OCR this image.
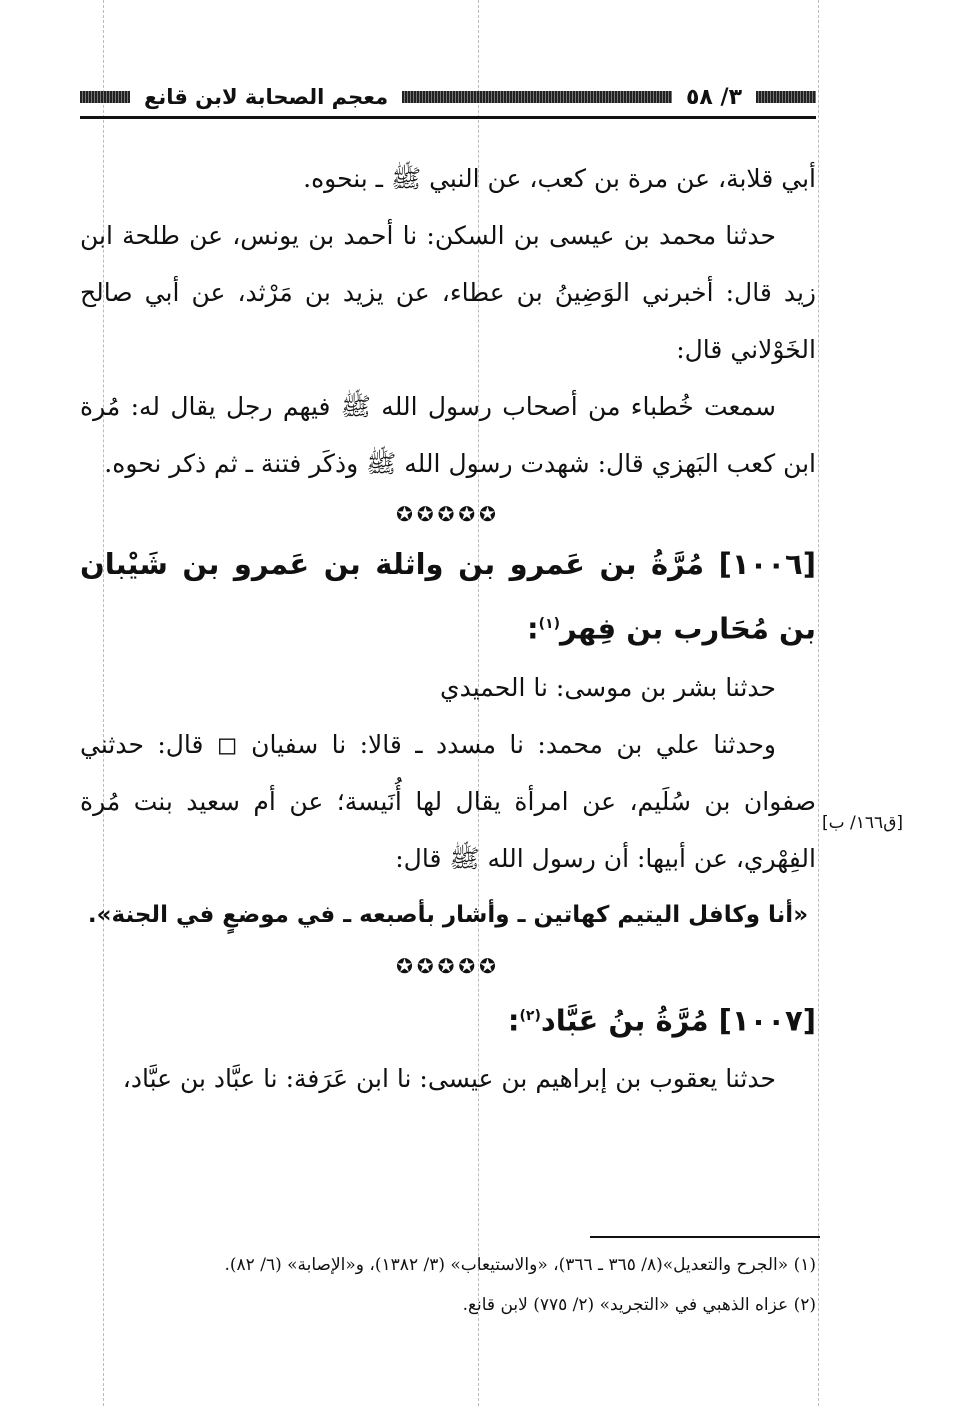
٣/ ٥٨
معجم الصحابة لابن قانع

أبي قلابة، عن مرة بن كعب، عن النبي ﷺ ـ بنحوه.

حدثنا محمد بن عيسى بن السكن: نا أحمد بن يونس، عن طلحة ابن زيد قال: أخبرني الوَضِينُ بن عطاء، عن يزيد بن مَرْثد، عن أبي صالح الخَوْلاني قال:

سمعت خُطباء من أصحاب رسول الله ﷺ فيهم رجل يقال له: مُرة ابن كعب البَهزي قال: شهدت رسول الله ﷺ وذكَر فتنة ـ ثم ذكر نحوه.

✪✪✪✪✪

[١٠٠٦] مُرَّةُ بن عَمرو بن واثلة بن عَمرو بن شَيْبان بن مُحَارب بن فِهر$^{(١)}$:

حدثنا بشر بن موسى: نا الحميدي

وحدثنا علي بن محمد: نا مسدد ـ قالا: نا سفيان ◻ قال: حدثني صفوان بن سُلَيم، عن امرأة يقال لها أُنَيسة؛ عن أم سعيد بنت مُرة الفِهْري، عن أبيها: أن رسول الله ﷺ قال:

«أنا وكافل اليتيم كهاتين ـ وأشار بأصبعه ـ في موضعٍ في الجنة».

✪✪✪✪✪

[١٠٠٧] مُرَّةُ بنُ عَبَّاد$^{(٢)}$:

حدثنا يعقوب بن إبراهيم بن عيسى: نا ابن عَرَفة: نا عبَّاد بن عبَّاد،

(١) «الجرح والتعديل»(٨/ ٣٦٥ ـ ٣٦٦)، «والاستيعاب» (٣/ ١٣٨٢)، و«الإصابة» (٦/ ٨٢).
(٢) عزاه الذهبي في «التجريد» (٢/ ٧٧٥) لابن قانع.
[ق١٦٦/ ب]
